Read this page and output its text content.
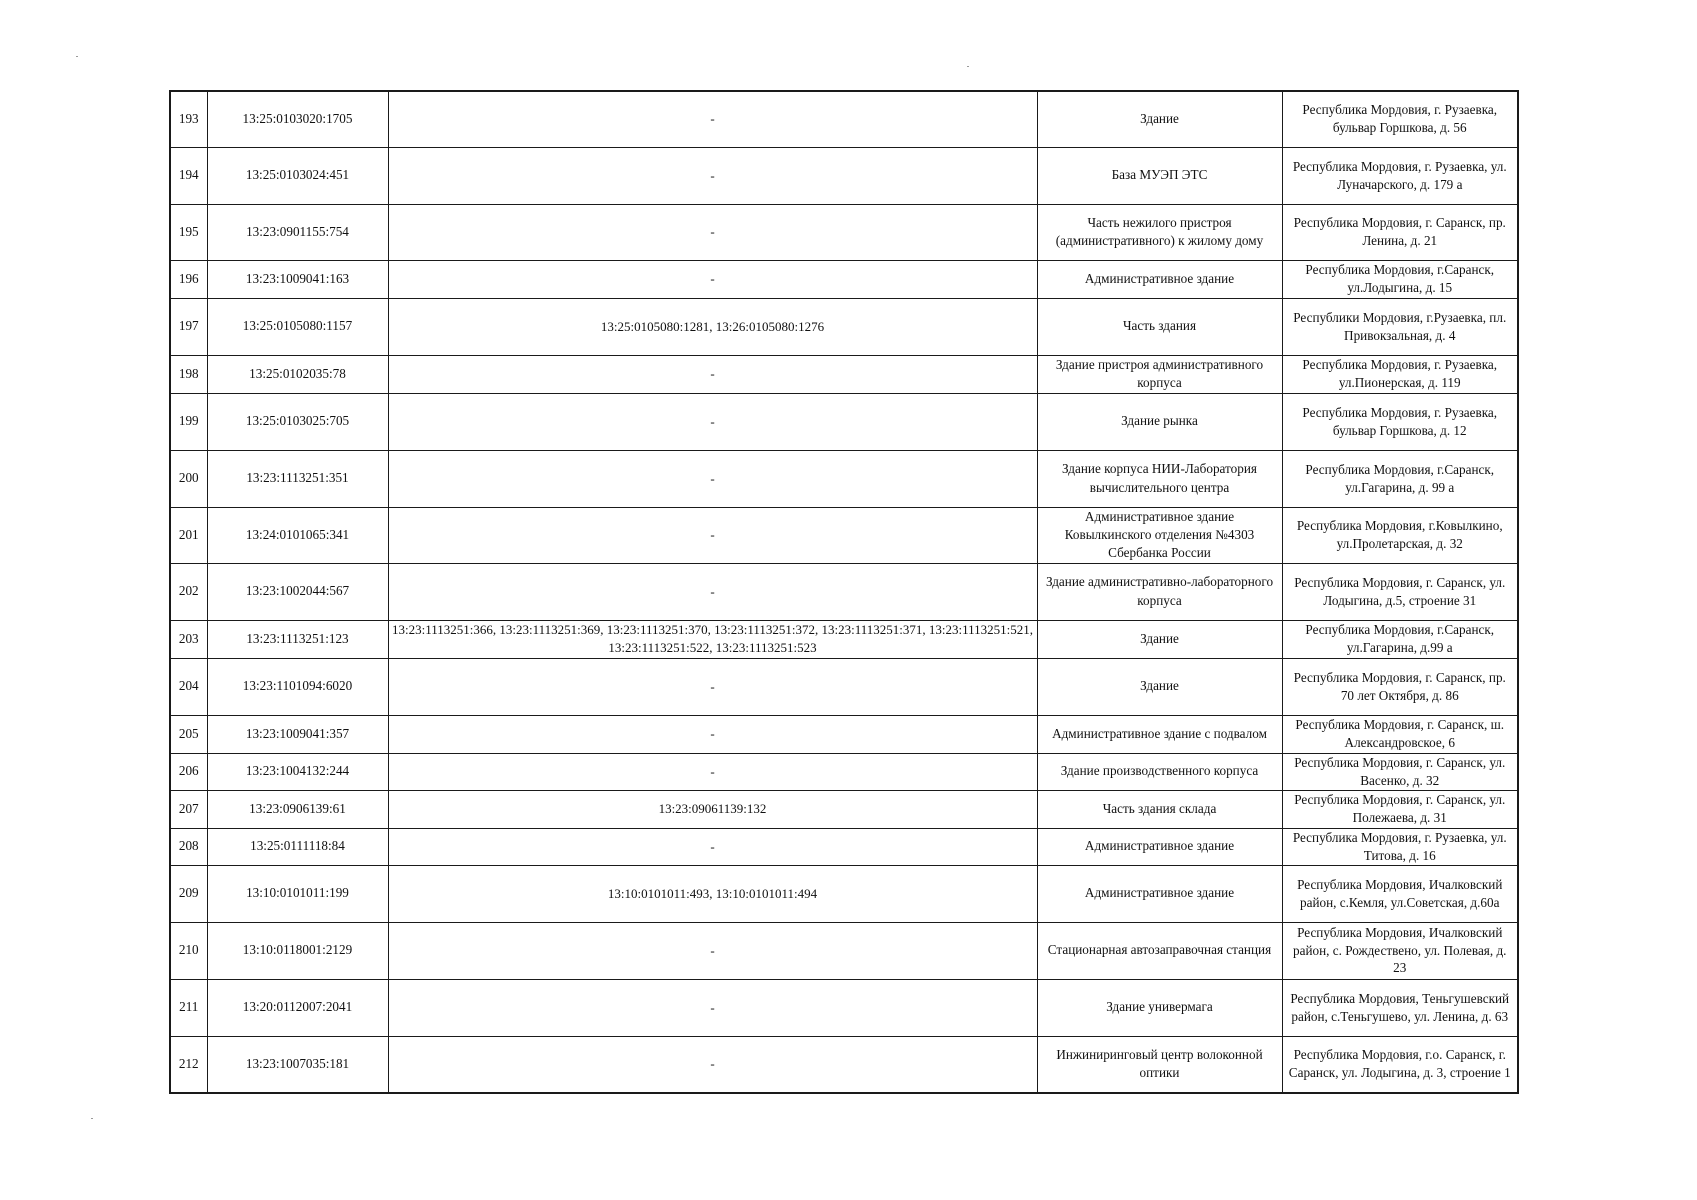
193	13:25:0103020:1705	-	Здание	Республика Мордовия, г. Рузаевка, бульвар Горшкова, д. 56
194	13:25:0103024:451	-	База МУЭП ЭТС	Республика Мордовия, г. Рузаевка, ул. Луначарского, д. 179 а
195	13:23:0901155:754	-	Часть нежилого пристроя (административного) к жилому дому	Республика Мордовия, г. Саранск, пр. Ленина, д. 21
196	13:23:1009041:163	-	Административное здание	Республика Мордовия, г.Саранск, ул.Лодыгина, д. 15
197	13:25:0105080:1157	13:25:0105080:1281, 13:26:0105080:1276	Часть здания	Республики Мордовия, г.Рузаевка, пл. Привокзальная, д. 4
198	13:25:0102035:78	-	Здание пристроя административного корпуса	Республика Мордовия, г. Рузаевка, ул.Пионерская, д. 119
199	13:25:0103025:705	-	Здание рынка	Республика Мордовия, г. Рузаевка, бульвар Горшкова, д. 12
200	13:23:1113251:351	-	Здание корпуса НИИ-Лаборатория вычислительного центра	Республика Мордовия, г.Саранск, ул.Гагарина, д. 99 а
201	13:24:0101065:341	-	Административное здание Ковылкинского отделения №4303 Сбербанка России	Республика Мордовия, г.Ковылкино, ул.Пролетарская, д. 32
202	13:23:1002044:567	-	Здание административно-лабораторного корпуса	Республика Мордовия, г. Саранск, ул. Лодыгина, д.5, строение 31
203	13:23:1113251:123	13:23:1113251:366, 13:23:1113251:369, 13:23:1113251:370, 13:23:1113251:372, 13:23:1113251:371, 13:23:1113251:521, 13:23:1113251:522, 13:23:1113251:523	Здание	Республика Мордовия, г.Саранск, ул.Гагарина, д.99 а
204	13:23:1101094:6020	-	Здание	Республика Мордовия, г. Саранск, пр. 70 лет Октября, д. 86
205	13:23:1009041:357	-	Административное здание с подвалом	Республика Мордовия, г. Саранск, ш. Александровское, 6
206	13:23:1004132:244	-	Здание производственного корпуса	Республика Мордовия, г. Саранск, ул. Васенко, д. 32
207	13:23:0906139:61	13:23:09061139:132	Часть здания склада	Республика Мордовия, г. Саранск, ул. Полежаева, д. 31
208	13:25:0111118:84	-	Административное здание	Республика Мордовия, г. Рузаевка, ул. Титова, д. 16
209	13:10:0101011:199	13:10:0101011:493, 13:10:0101011:494	Административное здание	Республика Мордовия, Ичалковский район, с.Кемля, ул.Советская, д.60а
210	13:10:0118001:2129	-	Стационарная автозаправочная станция	Республика Мордовия, Ичалковский район, с. Рождествено, ул. Полевая, д. 23
211	13:20:0112007:2041	-	Здание универмага	Республика Мордовия, Теньгушевский район, с.Теньгушево, ул. Ленина, д. 63
212	13:23:1007035:181	-	Инжиниринговый центр волоконной оптики	Республика Мордовия, г.о. Саранск, г. Саранск, ул. Лодыгина, д. 3, строение 1
